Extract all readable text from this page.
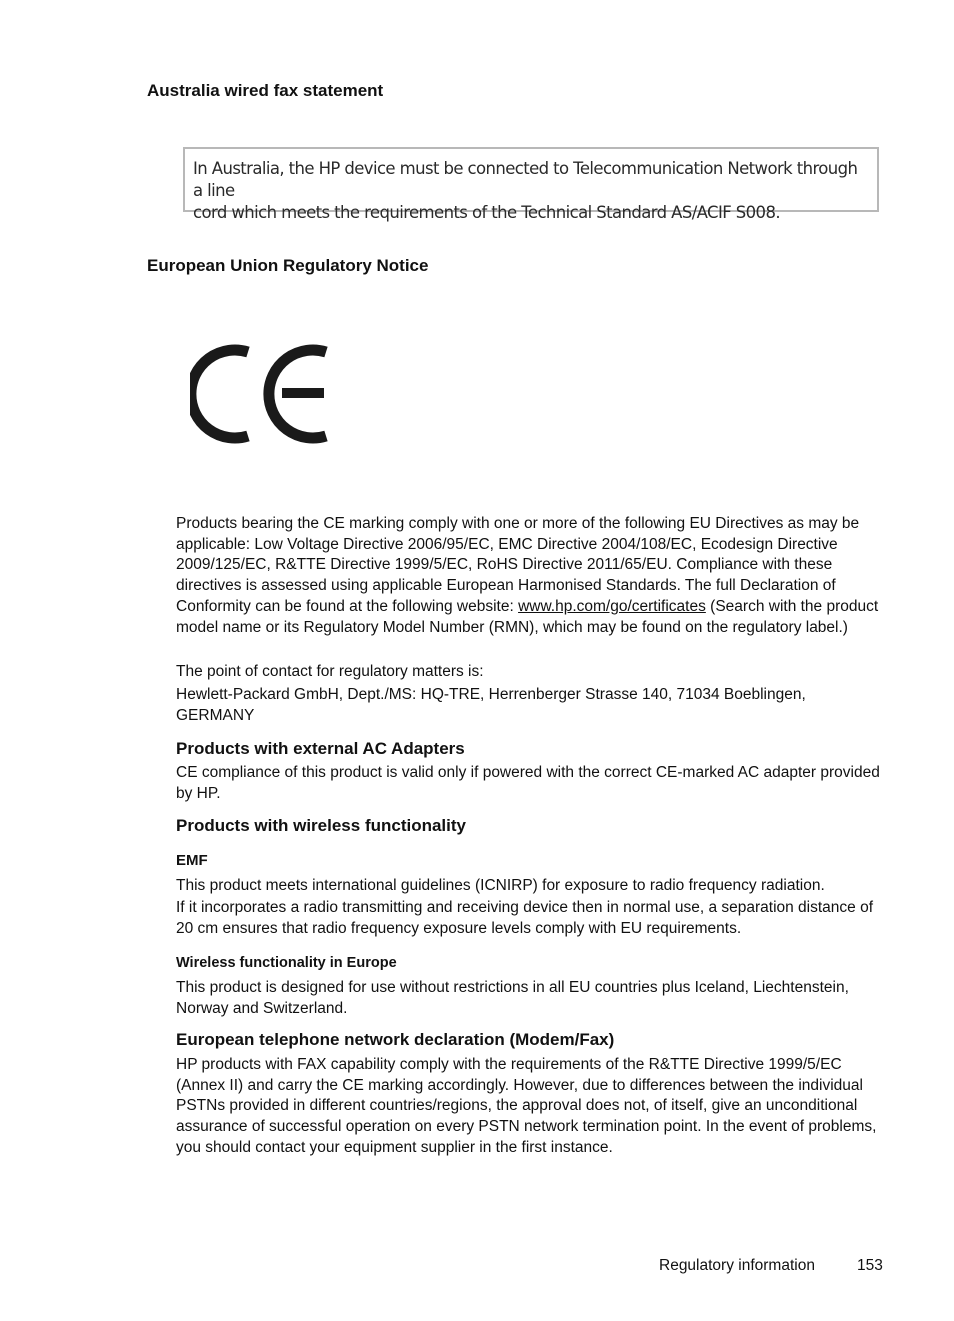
Australia wired fax statement
In Australia, the HP device must be connected to Telecommunication Network through a line
cord which meets the requirements of the Technical Standard AS/ACIF S008.
European Union Regulatory Notice

Products bearing the CE marking comply with one or more of the following EU Directives as may be applicable: Low Voltage Directive 2006/95/EC, EMC Directive 2004/108/EC, Ecodesign Directive 2009/125/EC, R&TTE Directive 1999/5/EC, RoHS Directive 2011/65/EU. Compliance with these directives is assessed using applicable European Harmonised Standards. The full Declaration of Conformity can be found at the following website: www.hp.com/go/certificates (Search with the product model name or its Regulatory Model Number (RMN), which may be found on the regulatory label.)

The point of contact for regulatory matters is:

Hewlett-Packard GmbH, Dept./MS: HQ-TRE, Herrenberger Strasse 140, 71034 Boeblingen, GERMANY

Products with external AC Adapters

CE compliance of this product is valid only if powered with the correct CE-marked AC adapter provided by HP.

Products with wireless functionality
EMF

This product meets international guidelines (ICNIRP) for exposure to radio frequency radiation.

If it incorporates a radio transmitting and receiving device then in normal use, a separation distance of 20 cm ensures that radio frequency exposure levels comply with EU requirements.

Wireless functionality in Europe

This product is designed for use without restrictions in all EU countries plus Iceland, Liechtenstein, Norway and Switzerland.

European telephone network declaration (Modem/Fax)

HP products with FAX capability comply with the requirements of the R&TTE Directive 1999/5/EC (Annex II) and carry the CE marking accordingly. However, due to differences between the individual PSTNs provided in different countries/regions, the approval does not, of itself, give an unconditional assurance of successful operation on every PSTN network termination point. In the event of problems, you should contact your equipment supplier in the first instance.

Regulatory information	153
